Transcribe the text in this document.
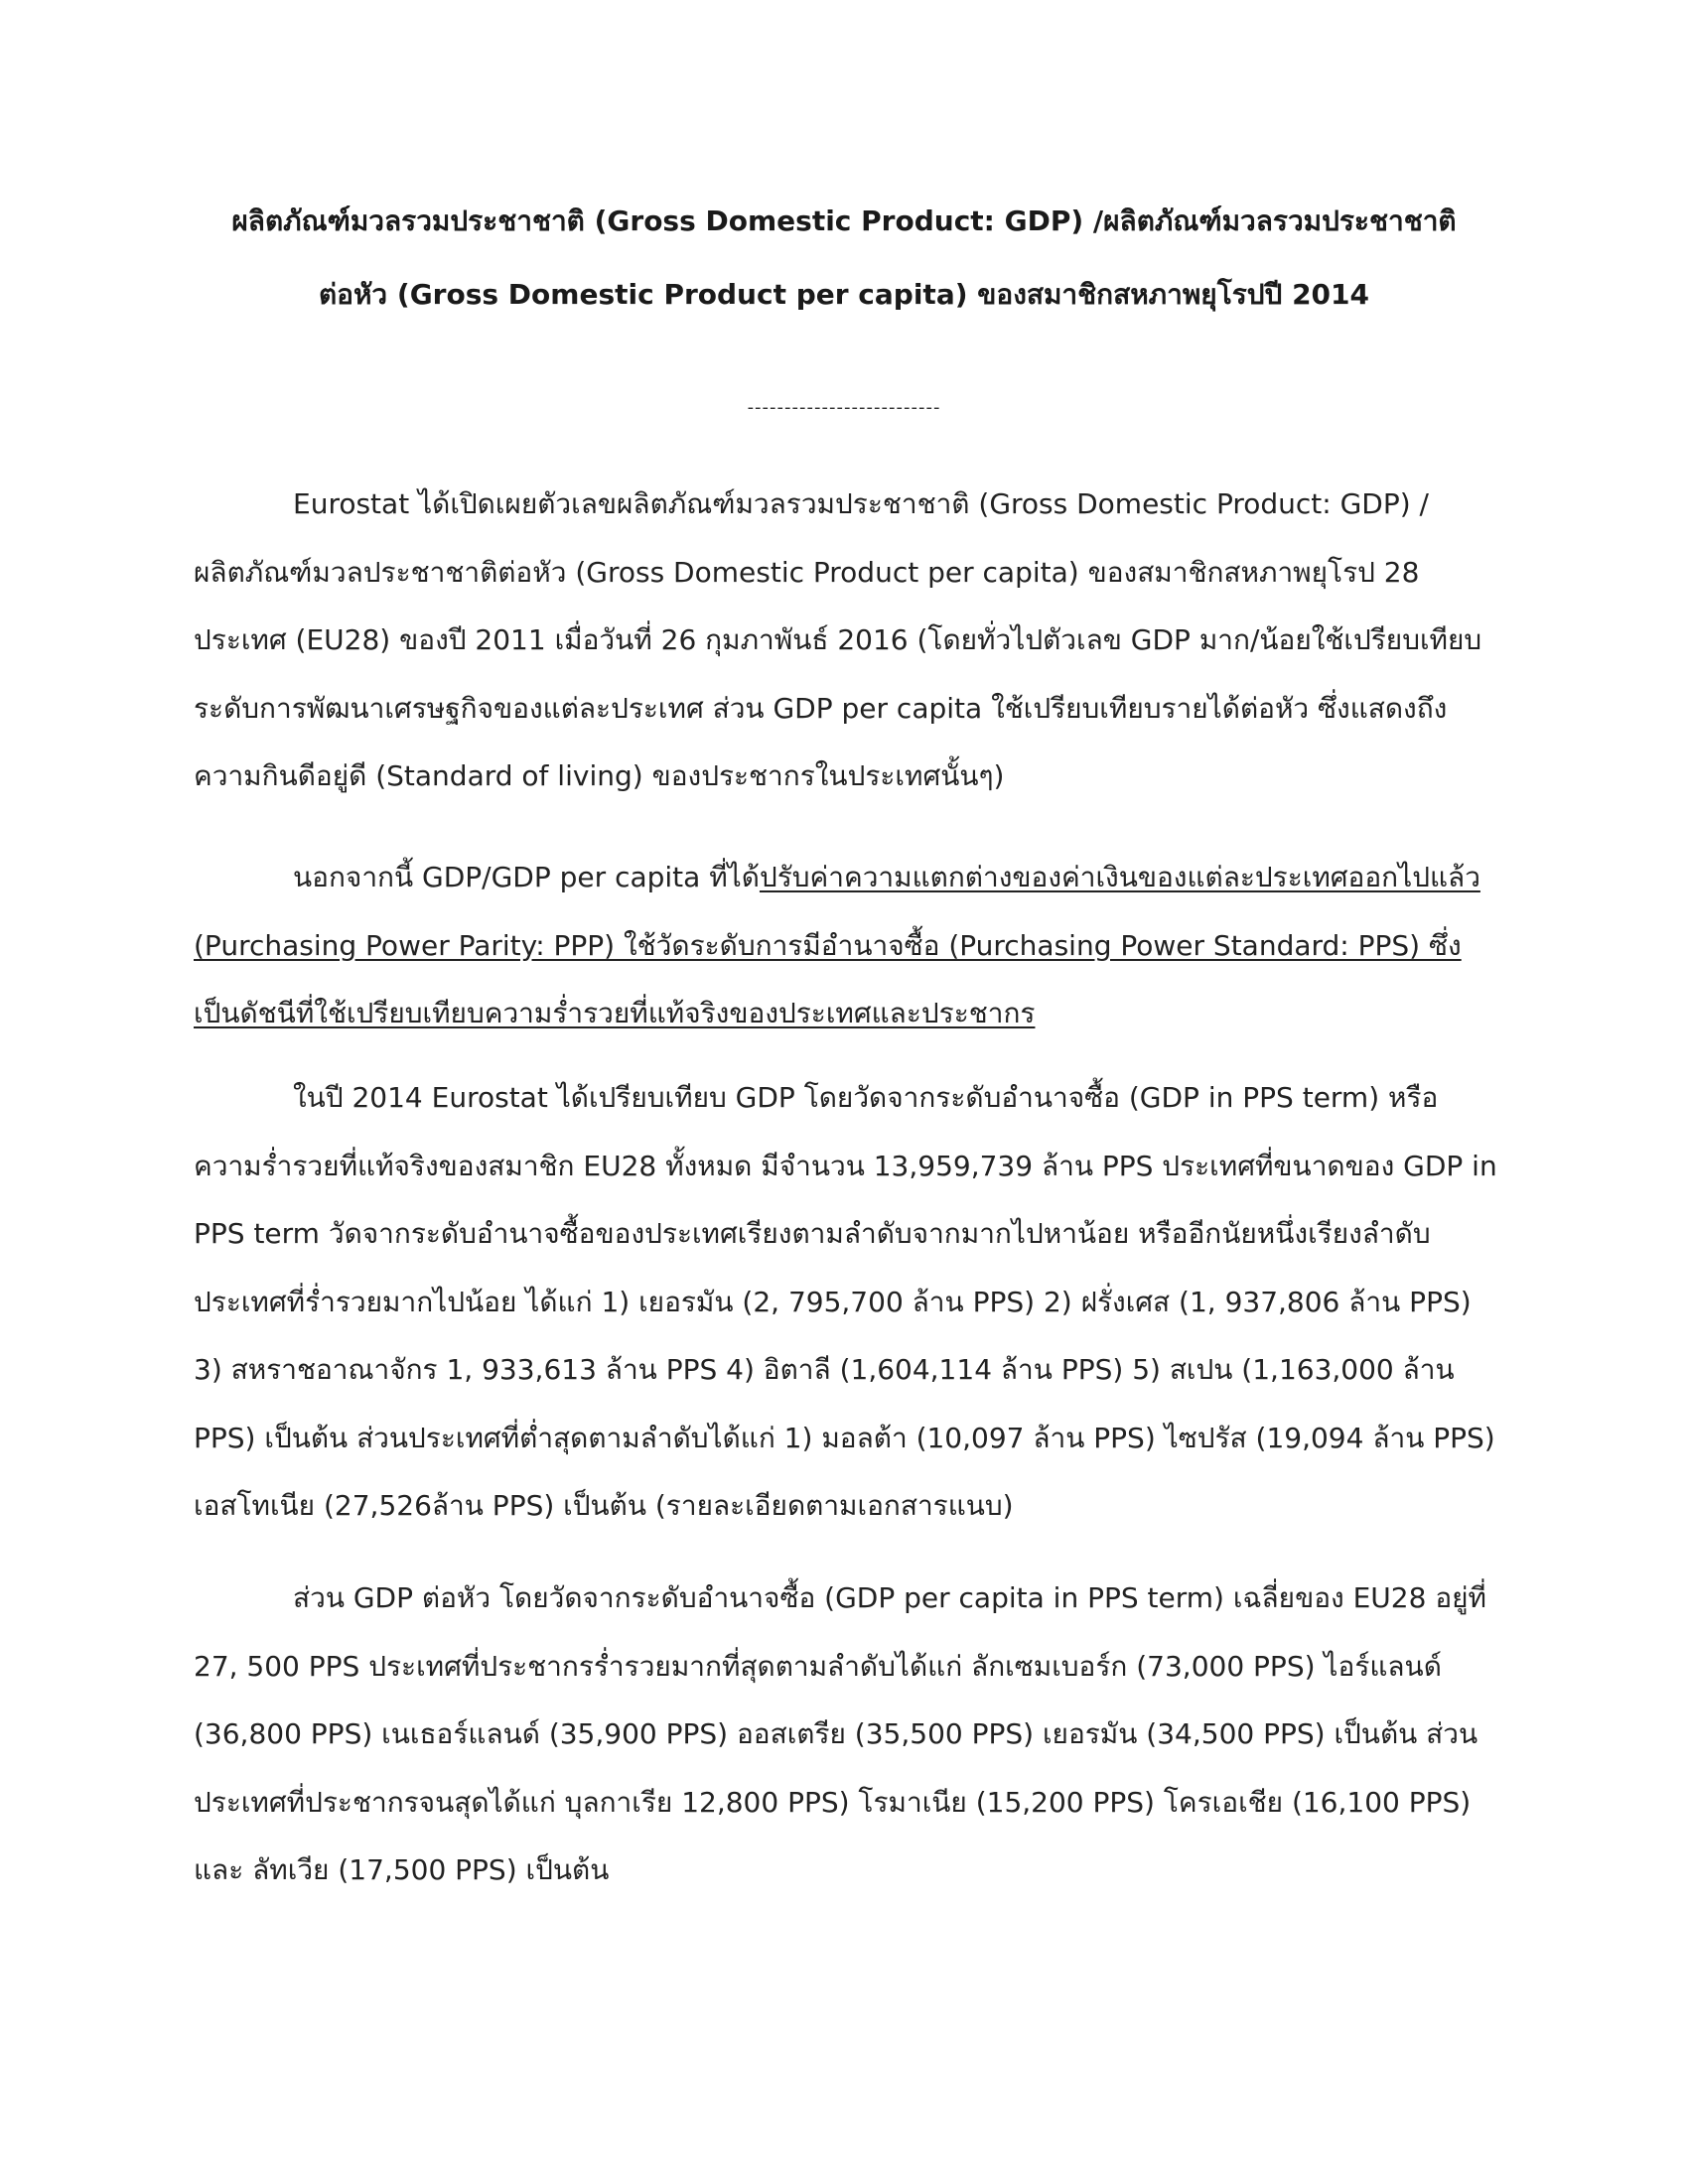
ผลิตภัณฑ์มวลรวมประชาชาติ (Gross Domestic Product: GDP) /ผลิตภัณฑ์มวลรวมประชาชาติ
ต่อหัว (Gross Domestic Product per capita) ของสมาชิกสหภาพยุโรปปี 2014
--------------------------

Eurostat ได้เปิดเผยตัวเลขผลิตภัณฑ์มวลรวมประชาชาติ (Gross Domestic Product: GDP) / ผลิตภัณฑ์มวลประชาชาติต่อหัว (Gross Domestic Product per capita) ของสมาชิกสหภาพยุโรป 28 ประเทศ (EU28) ของปี 2011 เมื่อวันที่ 26 กุมภาพันธ์ 2016 (โดยทั่วไปตัวเลข GDP มาก/น้อยใช้เปรียบเทียบระดับการพัฒนาเศรษฐกิจของแต่ละประเทศ ส่วน GDP per capita ใช้เปรียบเทียบรายได้ต่อหัว ซึ่งแสดงถึงความกินดีอยู่ดี (Standard of living) ของประชากรในประเทศนั้นๆ)

นอกจากนี้ GDP/GDP per capita ที่ได้ปรับค่าความแตกต่างของค่าเงินของแต่ละประเทศออกไปแล้ว (Purchasing Power Parity: PPP) ใช้วัดระดับการมีอำนาจซื้อ (Purchasing Power Standard: PPS) ซึ่งเป็นดัชนีที่ใช้เปรียบเทียบความร่ำรวยที่แท้จริงของประเทศและประชากร

ในปี 2014 Eurostat ได้เปรียบเทียบ GDP โดยวัดจากระดับอำนาจซื้อ (GDP in PPS term) หรือความร่ำรวยที่แท้จริงของสมาชิก EU28 ทั้งหมด มีจำนวน 13,959,739 ล้าน PPS ประเทศที่ขนาดของ GDP in PPS term วัดจากระดับอำนาจซื้อของประเทศเรียงตามลำดับจากมากไปหาน้อย หรืออีกนัยหนึ่งเรียงลำดับประเทศที่ร่ำรวยมากไปน้อย ได้แก่ 1) เยอรมัน (2, 795,700 ล้าน PPS) 2) ฝรั่งเศส (1, 937,806 ล้าน PPS) 3) สหราชอาณาจักร 1, 933,613 ล้าน PPS 4) อิตาลี (1,604,114 ล้าน PPS) 5) สเปน (1,163,000 ล้าน PPS) เป็นต้น ส่วนประเทศที่ต่ำสุดตามลำดับได้แก่ 1) มอลต้า (10,097 ล้าน PPS) ไซปรัส (19,094 ล้าน PPS) เอสโทเนีย (27,526ล้าน PPS) เป็นต้น (รายละเอียดตามเอกสารแนบ)

ส่วน GDP ต่อหัว โดยวัดจากระดับอำนาจซื้อ (GDP per capita in PPS term) เฉลี่ยของ EU28 อยู่ที่ 27, 500 PPS ประเทศที่ประชากรร่ำรวยมากที่สุดตามลำดับได้แก่ ลักเซมเบอร์ก (73,000 PPS) ไอร์แลนด์ (36,800 PPS) เนเธอร์แลนด์ (35,900 PPS) ออสเตรีย (35,500 PPS) เยอรมัน (34,500 PPS) เป็นต้น ส่วนประเทศที่ประชากรจนสุดได้แก่ บุลกาเรีย 12,800 PPS) โรมาเนีย (15,200 PPS) โครเอเชีย (16,100 PPS) และ ลัทเวีย (17,500 PPS) เป็นต้น
